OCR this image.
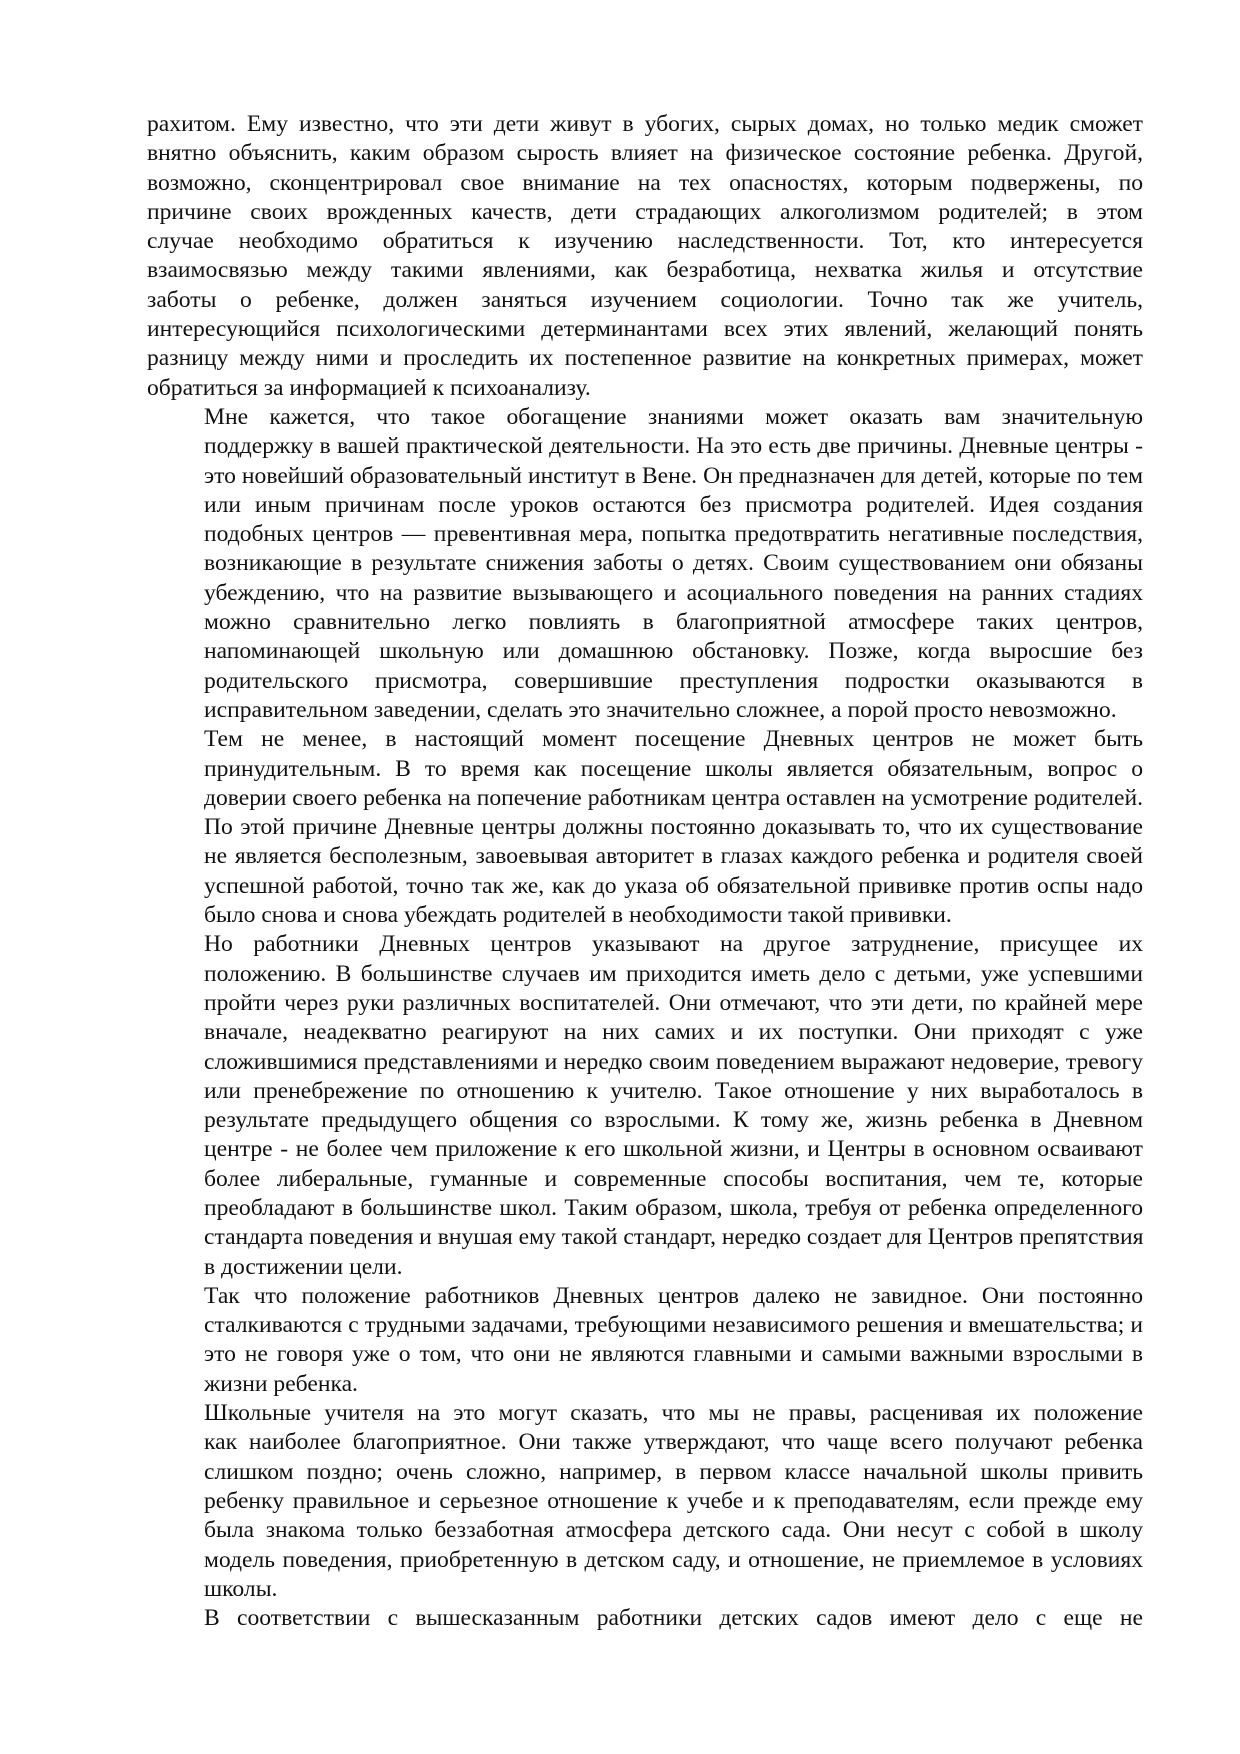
рахитом. Ему известно, что эти дети живут в убогих, сырых домах, но только медик сможет
внятно объяснить, каким образом сырость влияет на физическое состояние ребенка. Другой,
возможно, сконцентрировал свое внимание на тех опасностях, которым подвержены, по
причине своих врожденных качеств, дети страдающих алкоголизмом родителей; в этом
случае необходимо обратиться к изучению наследственности. Тот, кто интересуется
взаимосвязью между такими явлениями, как безработица, нехватка жилья и отсутствие
заботы о ребенке, должен заняться изучением социологии. Точно так же учитель,
интересующийся психологическими детерминантами всех этих явлений, желающий понять
разницу между ними и проследить их постепенное развитие на конкретных примерах, может
обратиться за информацией к психоанализу.
Мне кажется, что такое обогащение знаниями может оказать вам значительную
поддержку в вашей практической деятельности. На это есть две причины. Дневные центры -
это новейший образовательный институт в Вене. Он предназначен для детей, которые по тем
или иным причинам после уроков остаются без присмотра родителей. Идея создания
подобных центров — превентивная мера, попытка предотвратить негативные последствия,
возникающие в результате снижения заботы о детях. Своим существованием они обязаны
убеждению, что на развитие вызывающего и асоциального поведения на ранних стадиях
можно сравнительно легко повлиять в благоприятной атмосфере таких центров,
напоминающей школьную или домашнюю обстановку. Позже, когда выросшие без
родительского присмотра, совершившие преступления подростки оказываются в
исправительном заведении, сделать это значительно сложнее, а порой просто невозможно.
Тем не менее, в настоящий момент посещение Дневных центров не может быть
принудительным. В то время как посещение школы является обязательным, вопрос о
доверии своего ребенка на попечение работникам центра оставлен на усмотрение родителей.
По этой причине Дневные центры должны постоянно доказывать то, что их существование
не является бесполезным, завоевывая авторитет в глазах каждого ребенка и родителя своей
успешной работой, точно так же, как до указа об обязательной прививке против оспы надо
было снова и снова убеждать родителей в необходимости такой прививки.
Но работники Дневных центров указывают на другое затруднение, присущее их
положению. В большинстве случаев им приходится иметь дело с детьми, уже успевшими
пройти через руки различных воспитателей. Они отмечают, что эти дети, по крайней мере
вначале, неадекватно реагируют на них самих и их поступки. Они приходят с уже
сложившимися представлениями и нередко своим поведением выражают недоверие, тревогу
или пренебрежение по отношению к учителю. Такое отношение у них выработалось в
результате предыдущего общения со взрослыми. К тому же, жизнь ребенка в Дневном
центре - не более чем приложение к его школьной жизни, и Центры в основном осваивают
более либеральные, гуманные и современные способы воспитания, чем те, которые
преобладают в большинстве школ. Таким образом, школа, требуя от ребенка определенного
стандарта поведения и внушая ему такой стандарт, нередко создает для Центров препятствия
в достижении цели.
Так что положение работников Дневных центров далеко не завидное. Они постоянно
сталкиваются с трудными задачами, требующими независимого решения и вмешательства; и
это не говоря уже о том, что они не являются главными и самыми важными взрослыми в
жизни ребенка.
Школьные учителя на это могут сказать, что мы не правы, расценивая их положение
как наиболее благоприятное. Они также утверждают, что чаще всего получают ребенка
слишком поздно; очень сложно, например, в первом классе начальной школы привить
ребенку правильное и серьезное отношение к учебе и к преподавателям, если прежде ему
была знакома только беззаботная атмосфера детского сада. Они несут с собой в школу
модель поведения, приобретенную в детском саду, и отношение, не приемлемое в условиях
школы.
В соответствии с вышесказанным работники детских садов имеют дело с еще не
